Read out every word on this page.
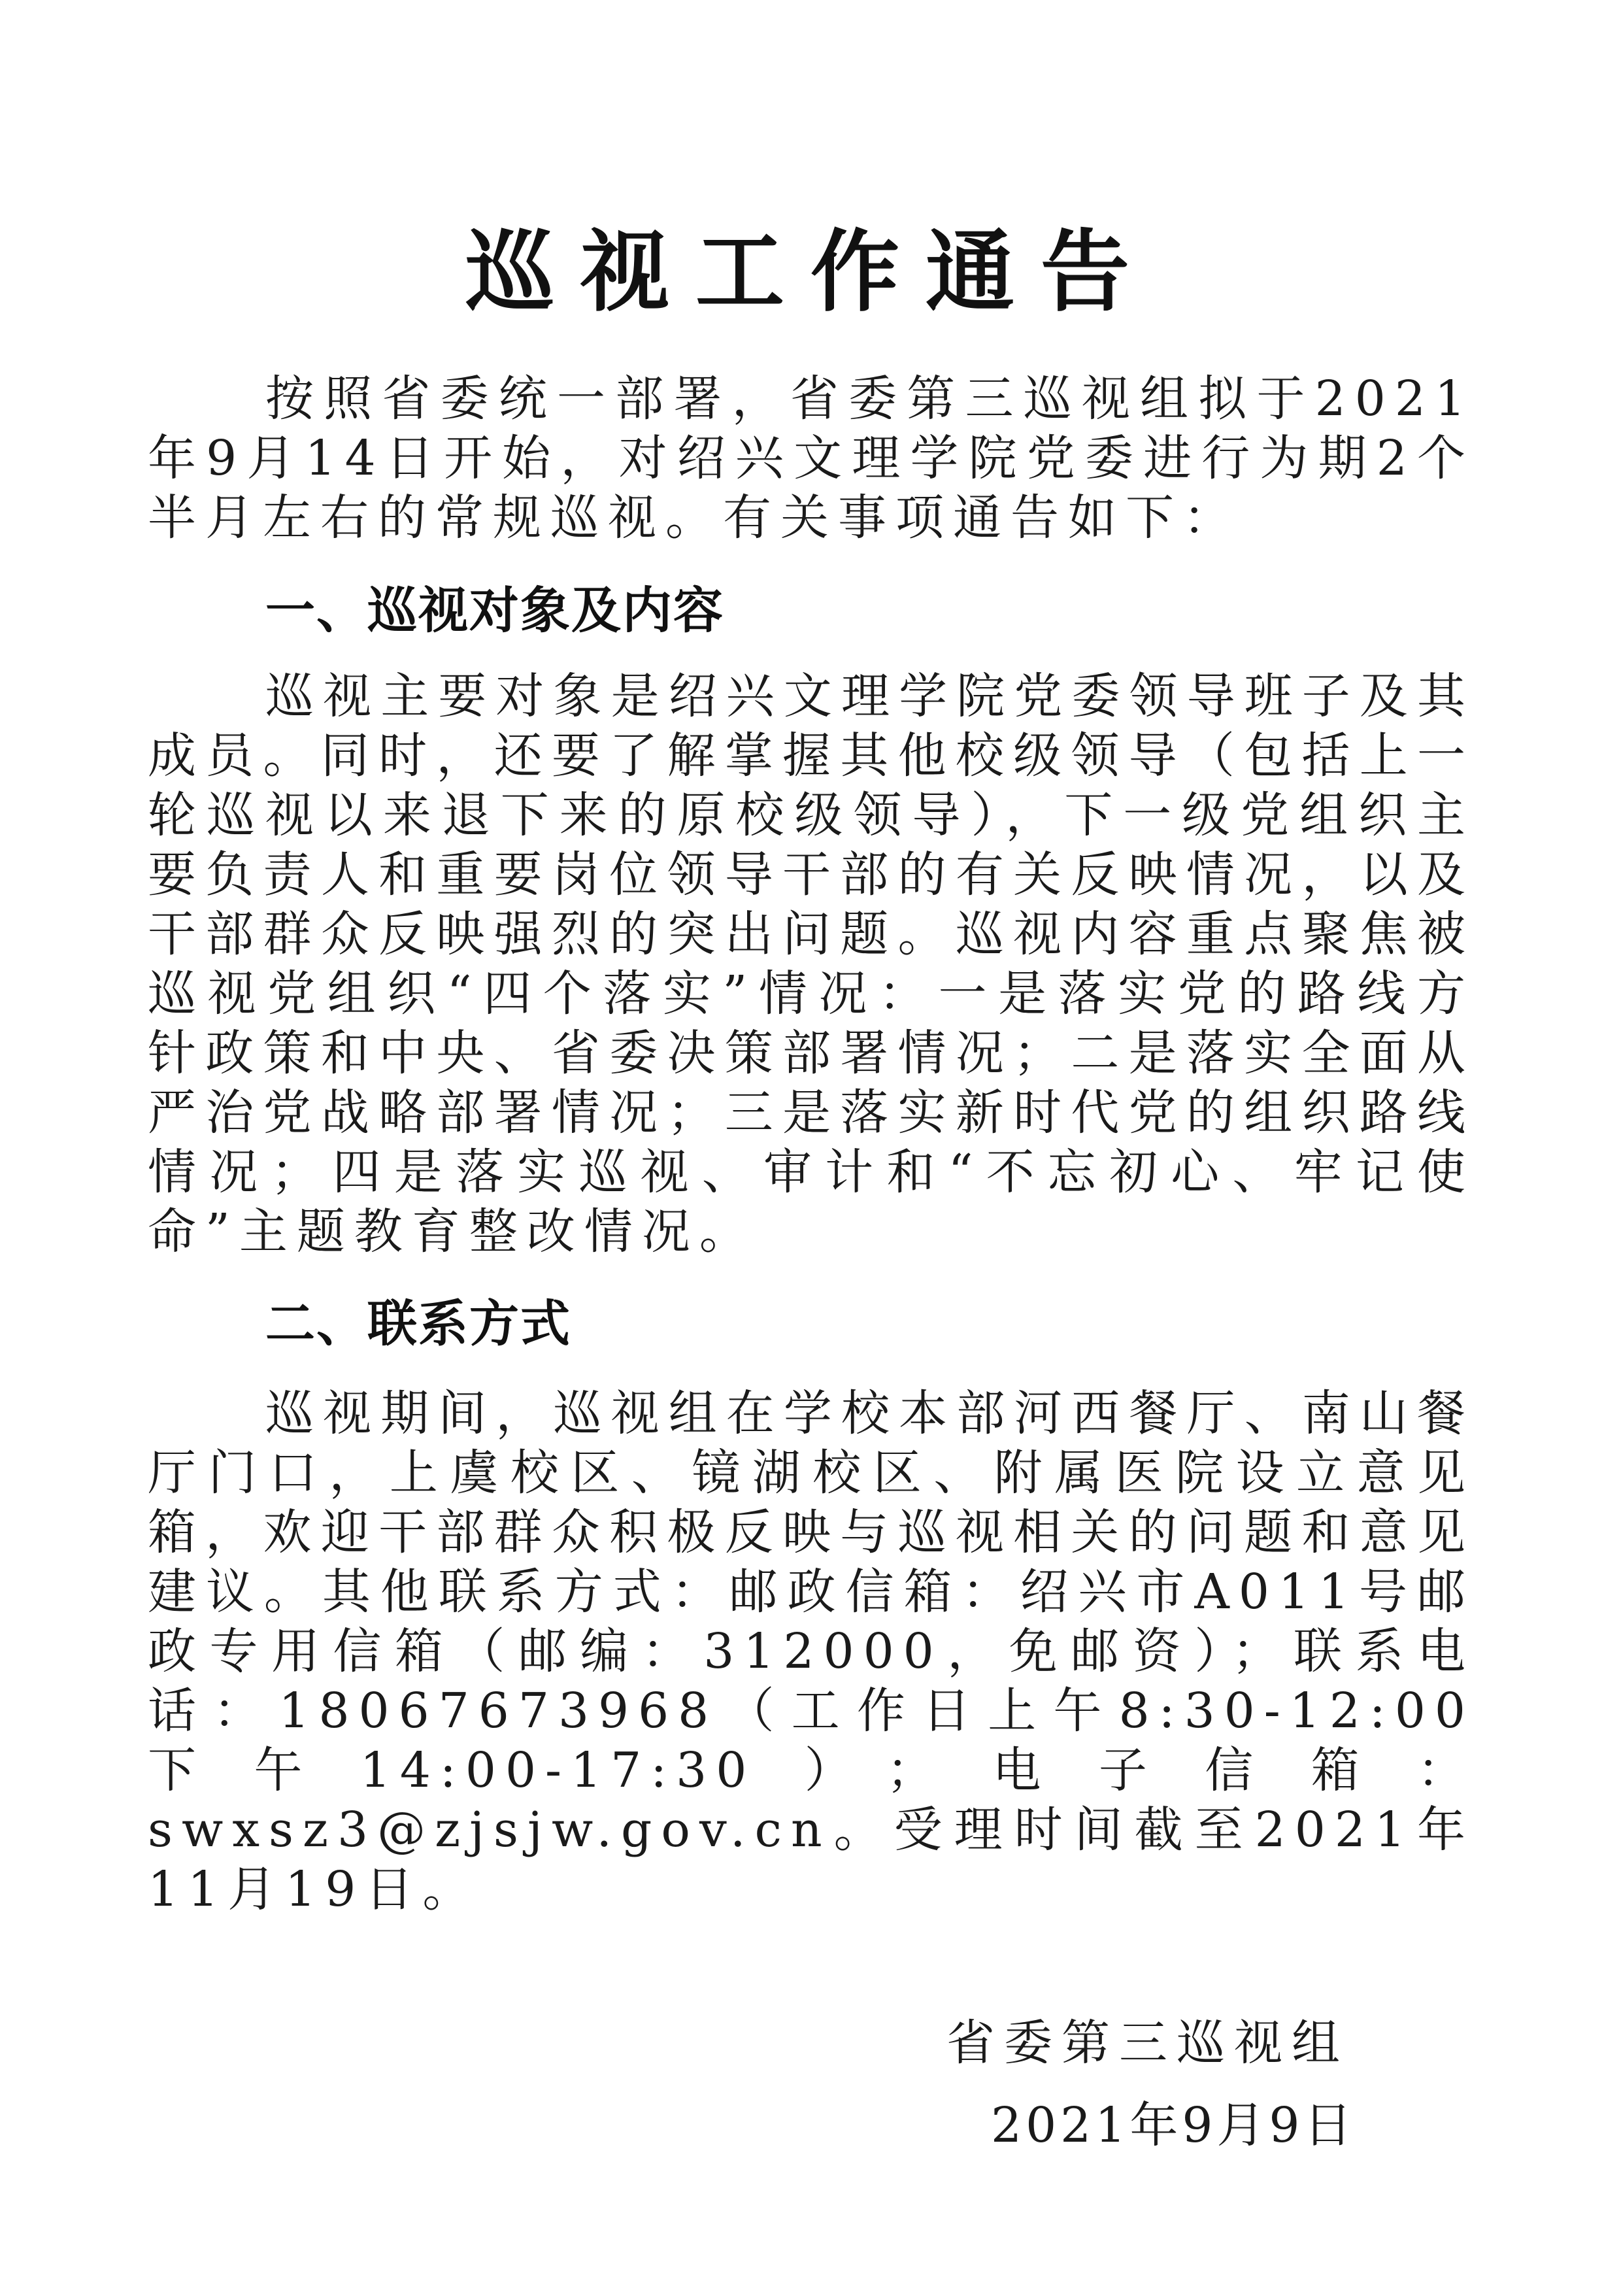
巡视工作通告

按照省委统一部署，省委第三巡视组拟于2021年9月14日开始，对绍兴文理学院党委进行为期2个半月左右的常规巡视。有关事项通告如下：

一、巡视对象及内容

巡视主要对象是绍兴文理学院党委领导班子及其成员。同时，还要了解掌握其他校级领导（包括上一轮巡视以来退下来的原校级领导），下一级党组织主要负责人和重要岗位领导干部的有关反映情况，以及干部群众反映强烈的突出问题。巡视内容重点聚焦被巡视党组织“四个落实”情况：一是落实党的路线方针政策和中央、省委决策部署情况；二是落实全面从严治党战略部署情况；三是落实新时代党的组织路线情况；四是落实巡视、审计和“不忘初心、牢记使命”主题教育整改情况。

二、联系方式

巡视期间，巡视组在学校本部河西餐厅、南山餐厅门口，上虞校区、镜湖校区、附属医院设立意见箱，欢迎干部群众积极反映与巡视相关的问题和意见建议。其他联系方式：邮政信箱：绍兴市A011号邮政专用信箱（邮编：312000，免邮资）；联系电话：18067673968（工作日上午8:30-12:00 下午14:00-17:30）；电子信箱：swxsz3@zjsjw.gov.cn。受理时间截至2021年11月19日。

省委第三巡视组

2021年9月9日
